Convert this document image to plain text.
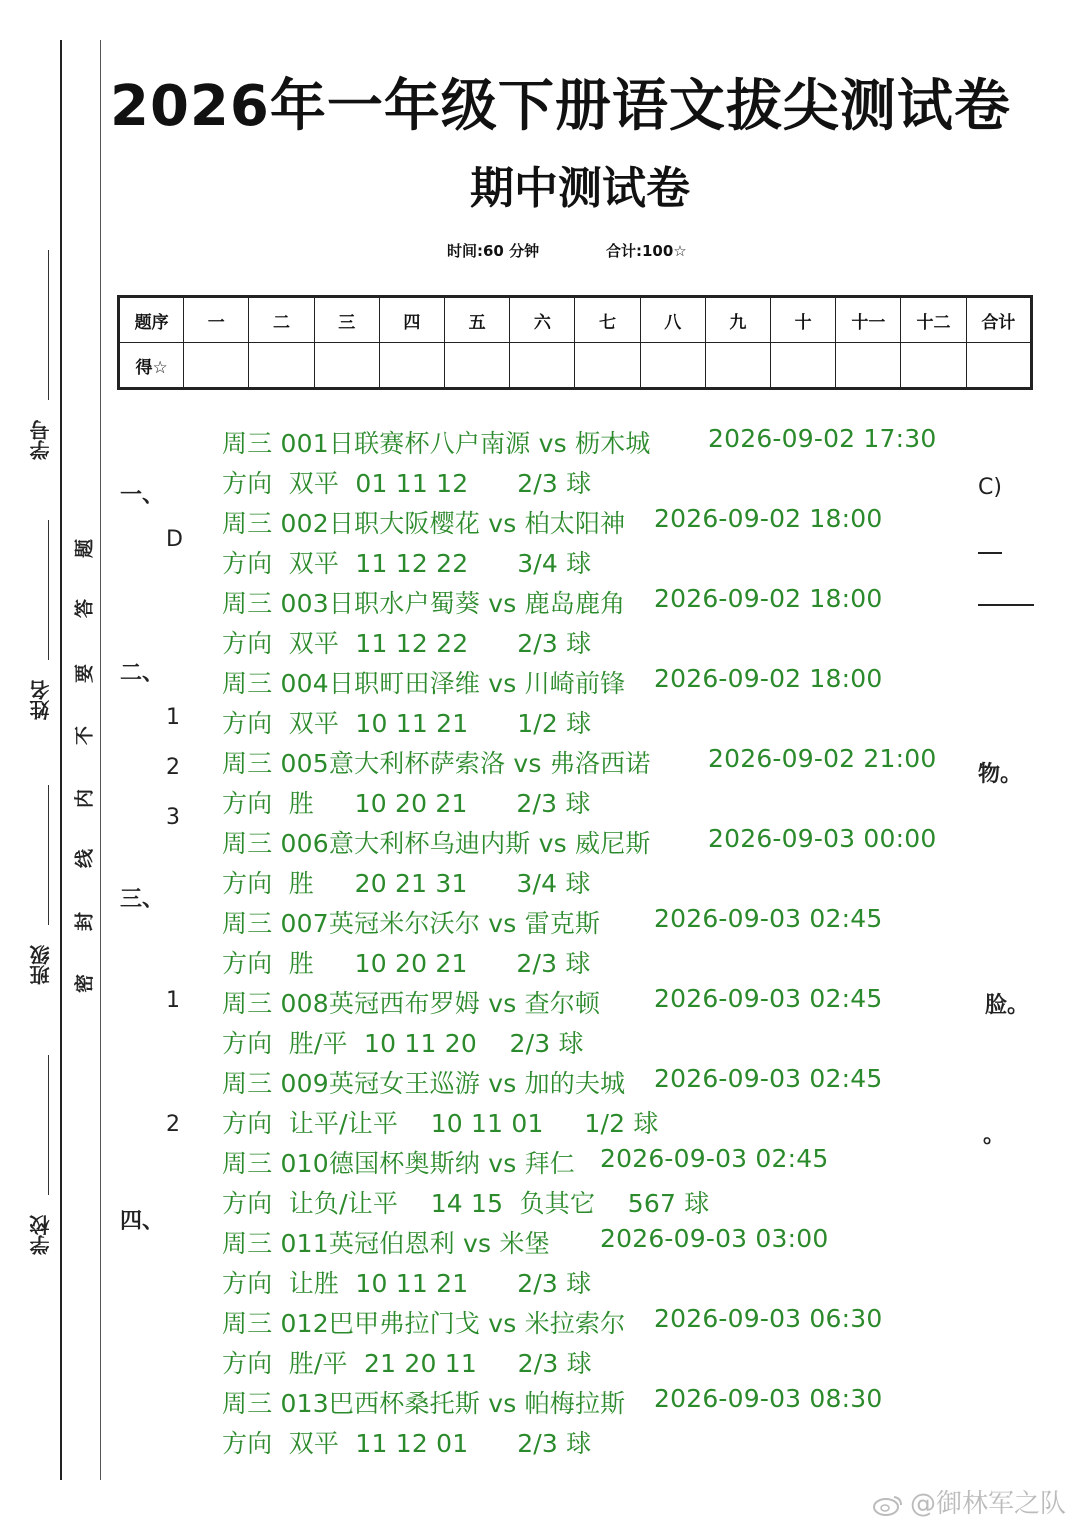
学号
姓名
班级
学校
题
答
要
不
内
线
封
密
2026年一年级下册语文拔尖测试卷
期中测试卷
时间:60 分钟	合计:100☆
题序	一	二	三	四	五	六	七	八	九	十	十一	十二	合计
得☆													
一、
D
二、
1
2
3
三、
1
2
四、
C)
物。
脸。
。
周三 001日联赛杯八户南源 vs 枥木城 2026-09-02 17:30
方向  双平  01 11 12      2/3 球
周三 002日职大阪樱花 vs 柏太阳神 2026-09-02 18:00
方向  双平  11 12 22      3/4 球
周三 003日职水户蜀葵 vs 鹿岛鹿角 2026-09-02 18:00
方向  双平  11 12 22      2/3 球
周三 004日职町田泽维 vs 川崎前锋 2026-09-02 18:00
方向  双平  10 11 21      1/2 球
周三 005意大利杯萨索洛 vs 弗洛西诺 2026-09-02 21:00
方向  胜     10 20 21      2/3 球
周三 006意大利杯乌迪内斯 vs 威尼斯 2026-09-03 00:00
方向  胜     20 21 31      3/4 球
周三 007英冠米尔沃尔 vs 雷克斯 2026-09-03 02:45
方向  胜     10 20 21      2/3 球
周三 008英冠西布罗姆 vs 查尔顿 2026-09-03 02:45
方向  胜/平  10 11 20    2/3 球
周三 009英冠女王巡游 vs 加的夫城 2026-09-03 02:45
方向  让平/让平    10 11 01     1/2 球
周三 010德国杯奥斯纳 vs 拜仁 2026-09-03 02:45
方向  让负/让平    14 15  负其它    567 球
周三 011英冠伯恩利 vs 米堡 2026-09-03 03:00
方向  让胜  10 11 21      2/3 球
周三 012巴甲弗拉门戈 vs 米拉索尔 2026-09-03 06:30
方向  胜/平  21 20 11     2/3 球
周三 013巴西杯桑托斯 vs 帕梅拉斯 2026-09-03 08:30
方向  双平  11 12 01      2/3 球
@御林军之队
